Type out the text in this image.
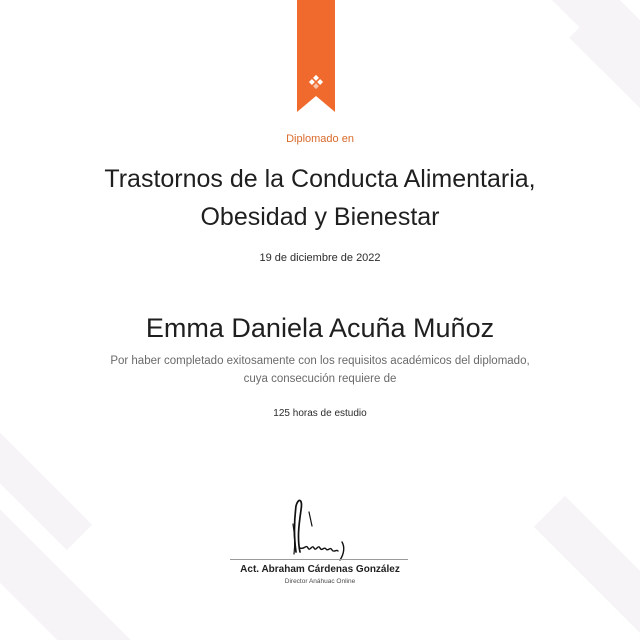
Diplomado en
Trastornos de la Conducta Alimentaria,
Obesidad y Bienestar
19 de diciembre de 2022
Emma Daniela Acuña Muñoz
Por haber completado exitosamente con los requisitos académicos del diplomado,
cuya consecución requiere de
125 horas de estudio
Act. Abraham Cárdenas González
Director Anáhuac Online
